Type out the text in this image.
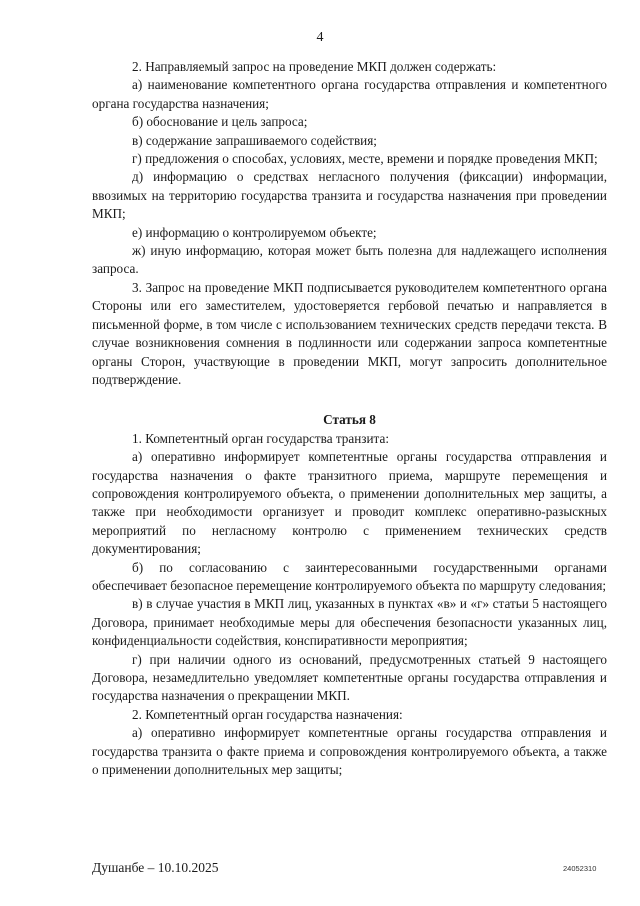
4

2. Направляемый запрос на проведение МКП должен содержать:

а) наименование компетентного органа государства отправления и компетентного органа государства назначения;

б) обоснование и цель запроса;

в) содержание запрашиваемого содействия;

г) предложения о способах, условиях, месте, времени и порядке проведения МКП;

д) информацию о средствах негласного получения (фиксации) информации, ввозимых на территорию государства транзита и государства назначения при проведении МКП;

е) информацию о контролируемом объекте;

ж) иную информацию, которая может быть полезна для надлежащего исполнения запроса.

3. Запрос на проведение МКП подписывается руководителем компетентного органа Стороны или его заместителем, удостоверяется гербовой печатью и направляется в письменной форме, в том числе с использованием технических средств передачи текста. В случае возникновения сомнения в подлинности или содержании запроса компетентные органы Сторон, участвующие в проведении МКП, могут запросить дополнительное подтверждение.

Статья 8

1. Компетентный орган государства транзита:

а) оперативно информирует компетентные органы государства отправления и государства назначения о факте транзитного приема, маршруте перемещения и сопровождения контролируемого объекта, о применении дополнительных мер защиты, а также при необходимости организует и проводит комплекс оперативно-разыскных мероприятий по негласному контролю с применением технических средств документирования;

б) по согласованию с заинтересованными государственными органами обеспечивает безопасное перемещение контролируемого объекта по маршруту следования;

в) в случае участия в МКП лиц, указанных в пунктах «в» и «г» статьи 5 настоящего Договора, принимает необходимые меры для обеспечения безопасности указанных лиц, конфиденциальности содействия, конспиративности мероприятия;

г) при наличии одного из оснований, предусмотренных статьей 9 настоящего Договора, незамедлительно уведомляет компетентные органы государства отправления и государства назначения о прекращении МКП.

2. Компетентный орган государства назначения:

а) оперативно информирует компетентные органы государства отправления и государства транзита о факте приема и сопровождения контролируемого объекта, а также о применении дополнительных мер защиты;

Душанбе – 10.10.2025	24052310
